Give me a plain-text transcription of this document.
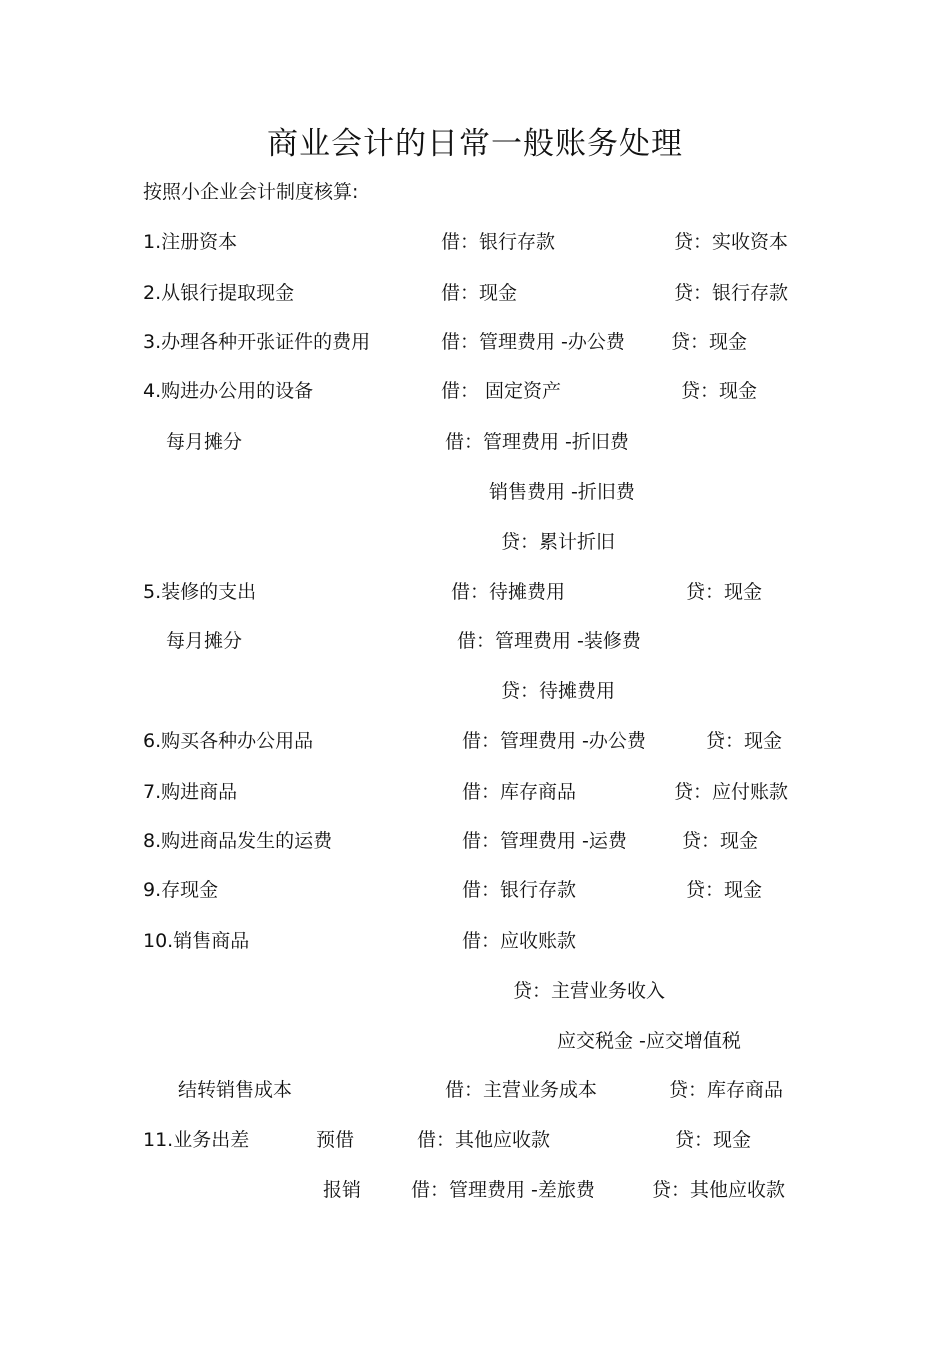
商业会计的日常一般账务处理
按照小企业会计制度核算:
1.注册资本	借：银行存款	贷：实收资本
2.从银行提取现金	借：现金	贷：银行存款
3.办理各种开张证件的费用	借：管理费用 -办公费 贷：现金
4.购进办公用的设备	借： 固定资产	贷：现金
每月摊分	借：管理费用 -折旧费
销售费用 -折旧费
贷：累计折旧
5.装修的支出	借：待摊费用	贷：现金
每月摊分	借：管理费用 -装修费
贷：待摊费用
6.购买各种办公用品	借：管理费用 -办公费	贷：现金
7.购进商品	借：库存商品	贷：应付账款
8.购进商品发生的运费	借：管理费用 -运费	贷：现金
9.存现金	借：银行存款	贷：现金
10.销售商品	借：应收账款
贷：主营业务收入
应交税金 -应交增值税
结转销售成本	借：主营业务成本	贷：库存商品
11.业务出差	预借	借：其他应收款	贷：现金
报销	借：管理费用 -差旅费	贷：其他应收款
